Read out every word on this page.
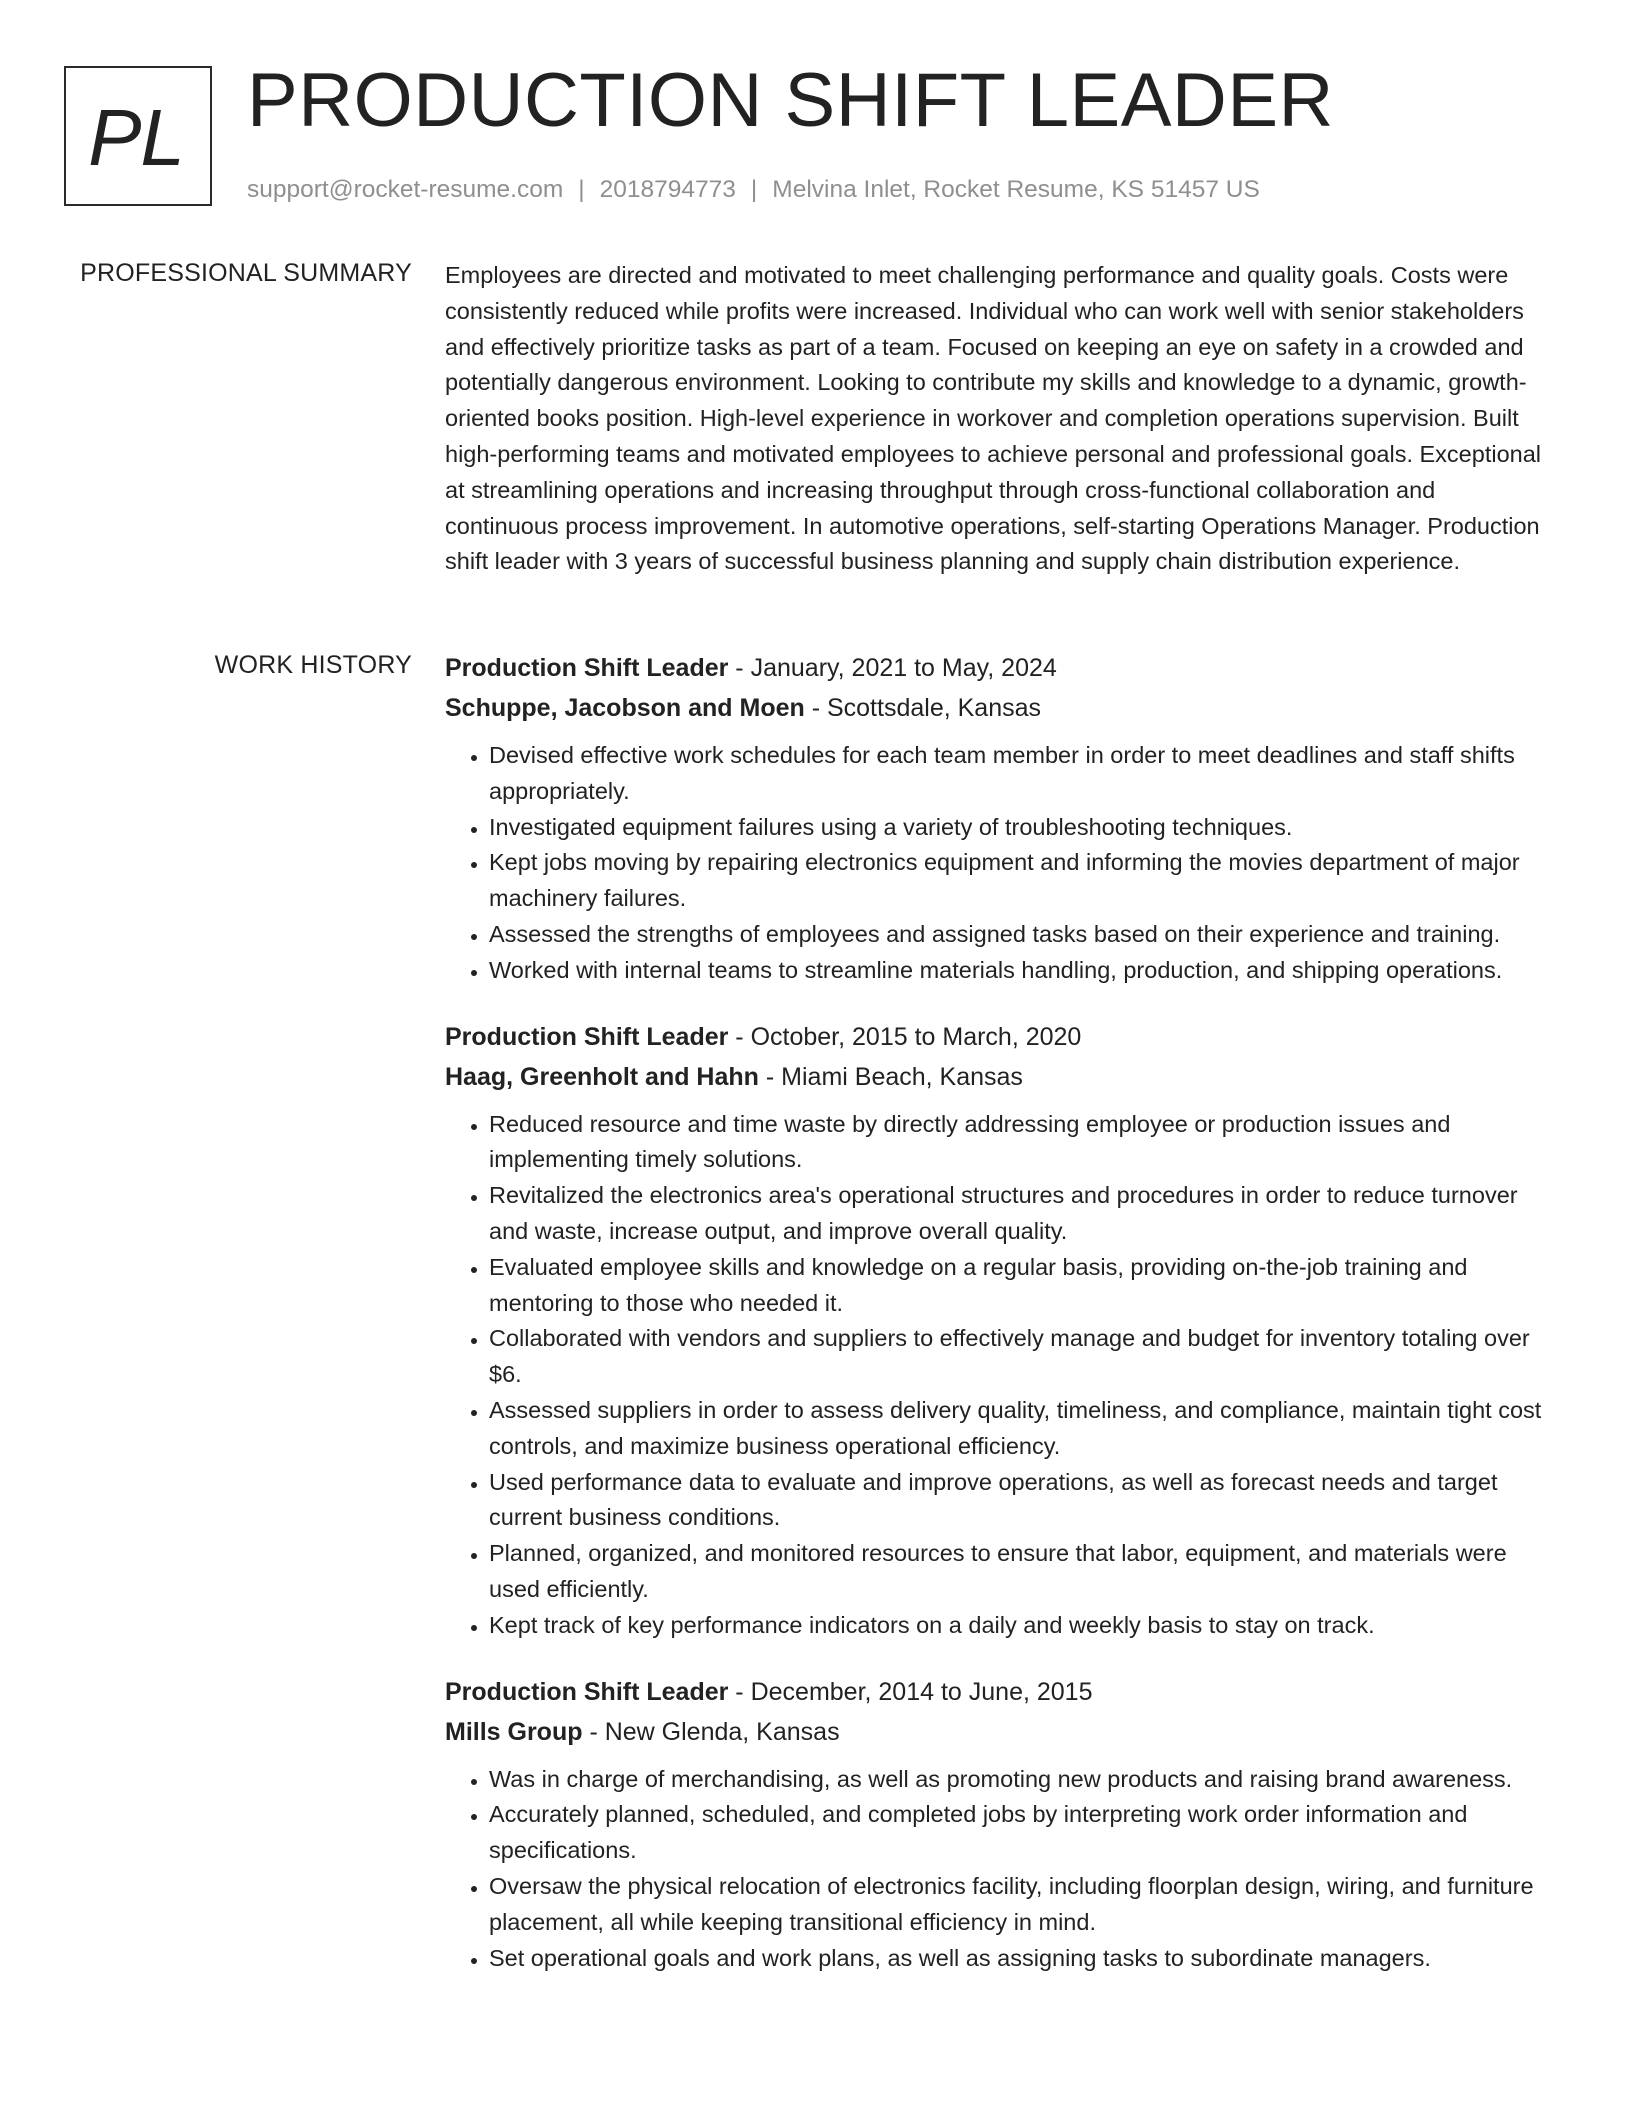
PL PRODUCTION SHIFT LEADER
support@rocket-resume.com | 2018794773 | Melvina Inlet, Rocket Resume, KS 51457 US
PROFESSIONAL SUMMARY Employees are directed and motivated to meet challenging performance and quality goals. Costs were consistently reduced while profits were increased. Individual who can work well with senior stakeholders and effectively prioritize tasks as part of a team. Focused on keeping an eye on safety in a crowded and potentially dangerous environment. Looking to contribute my skills and knowledge to a dynamic, growth-oriented books position. High-level experience in workover and completion operations supervision. Built high-performing teams and motivated employees to achieve personal and professional goals. Exceptional at streamlining operations and increasing throughput through cross-functional collaboration and continuous process improvement. In automotive operations, self-starting Operations Manager. Production shift leader with 3 years of successful business planning and supply chain distribution experience.

WORK HISTORY Production Shift Leader - January, 2021 to May, 2024
Schuppe, Jacobson and Moen - Scottsdale, Kansas
• Devised effective work schedules for each team member in order to meet deadlines and staff shifts appropriately.
• Investigated equipment failures using a variety of troubleshooting techniques.
• Kept jobs moving by repairing electronics equipment and informing the movies department of major machinery failures.
• Assessed the strengths of employees and assigned tasks based on their experience and training.
• Worked with internal teams to streamline materials handling, production, and shipping operations.
Production Shift Leader - October, 2015 to March, 2020
Haag, Greenholt and Hahn - Miami Beach, Kansas
• Reduced resource and time waste by directly addressing employee or production issues and implementing timely solutions.
• Revitalized the electronics area's operational structures and procedures in order to reduce turnover and waste, increase output, and improve overall quality.
• Evaluated employee skills and knowledge on a regular basis, providing on-the-job training and mentoring to those who needed it.
• Collaborated with vendors and suppliers to effectively manage and budget for inventory totaling over $6.
• Assessed suppliers in order to assess delivery quality, timeliness, and compliance, maintain tight cost controls, and maximize business operational efficiency.
• Used performance data to evaluate and improve operations, as well as forecast needs and target current business conditions.
• Planned, organized, and monitored resources to ensure that labor, equipment, and materials were used efficiently.
• Kept track of key performance indicators on a daily and weekly basis to stay on track.
Production Shift Leader - December, 2014 to June, 2015
Mills Group - New Glenda, Kansas
• Was in charge of merchandising, as well as promoting new products and raising brand awareness.
• Accurately planned, scheduled, and completed jobs by interpreting work order information and specifications.
• Oversaw the physical relocation of electronics facility, including floorplan design, wiring, and furniture placement, all while keeping transitional efficiency in mind.
• Set operational goals and work plans, as well as assigning tasks to subordinate managers.
